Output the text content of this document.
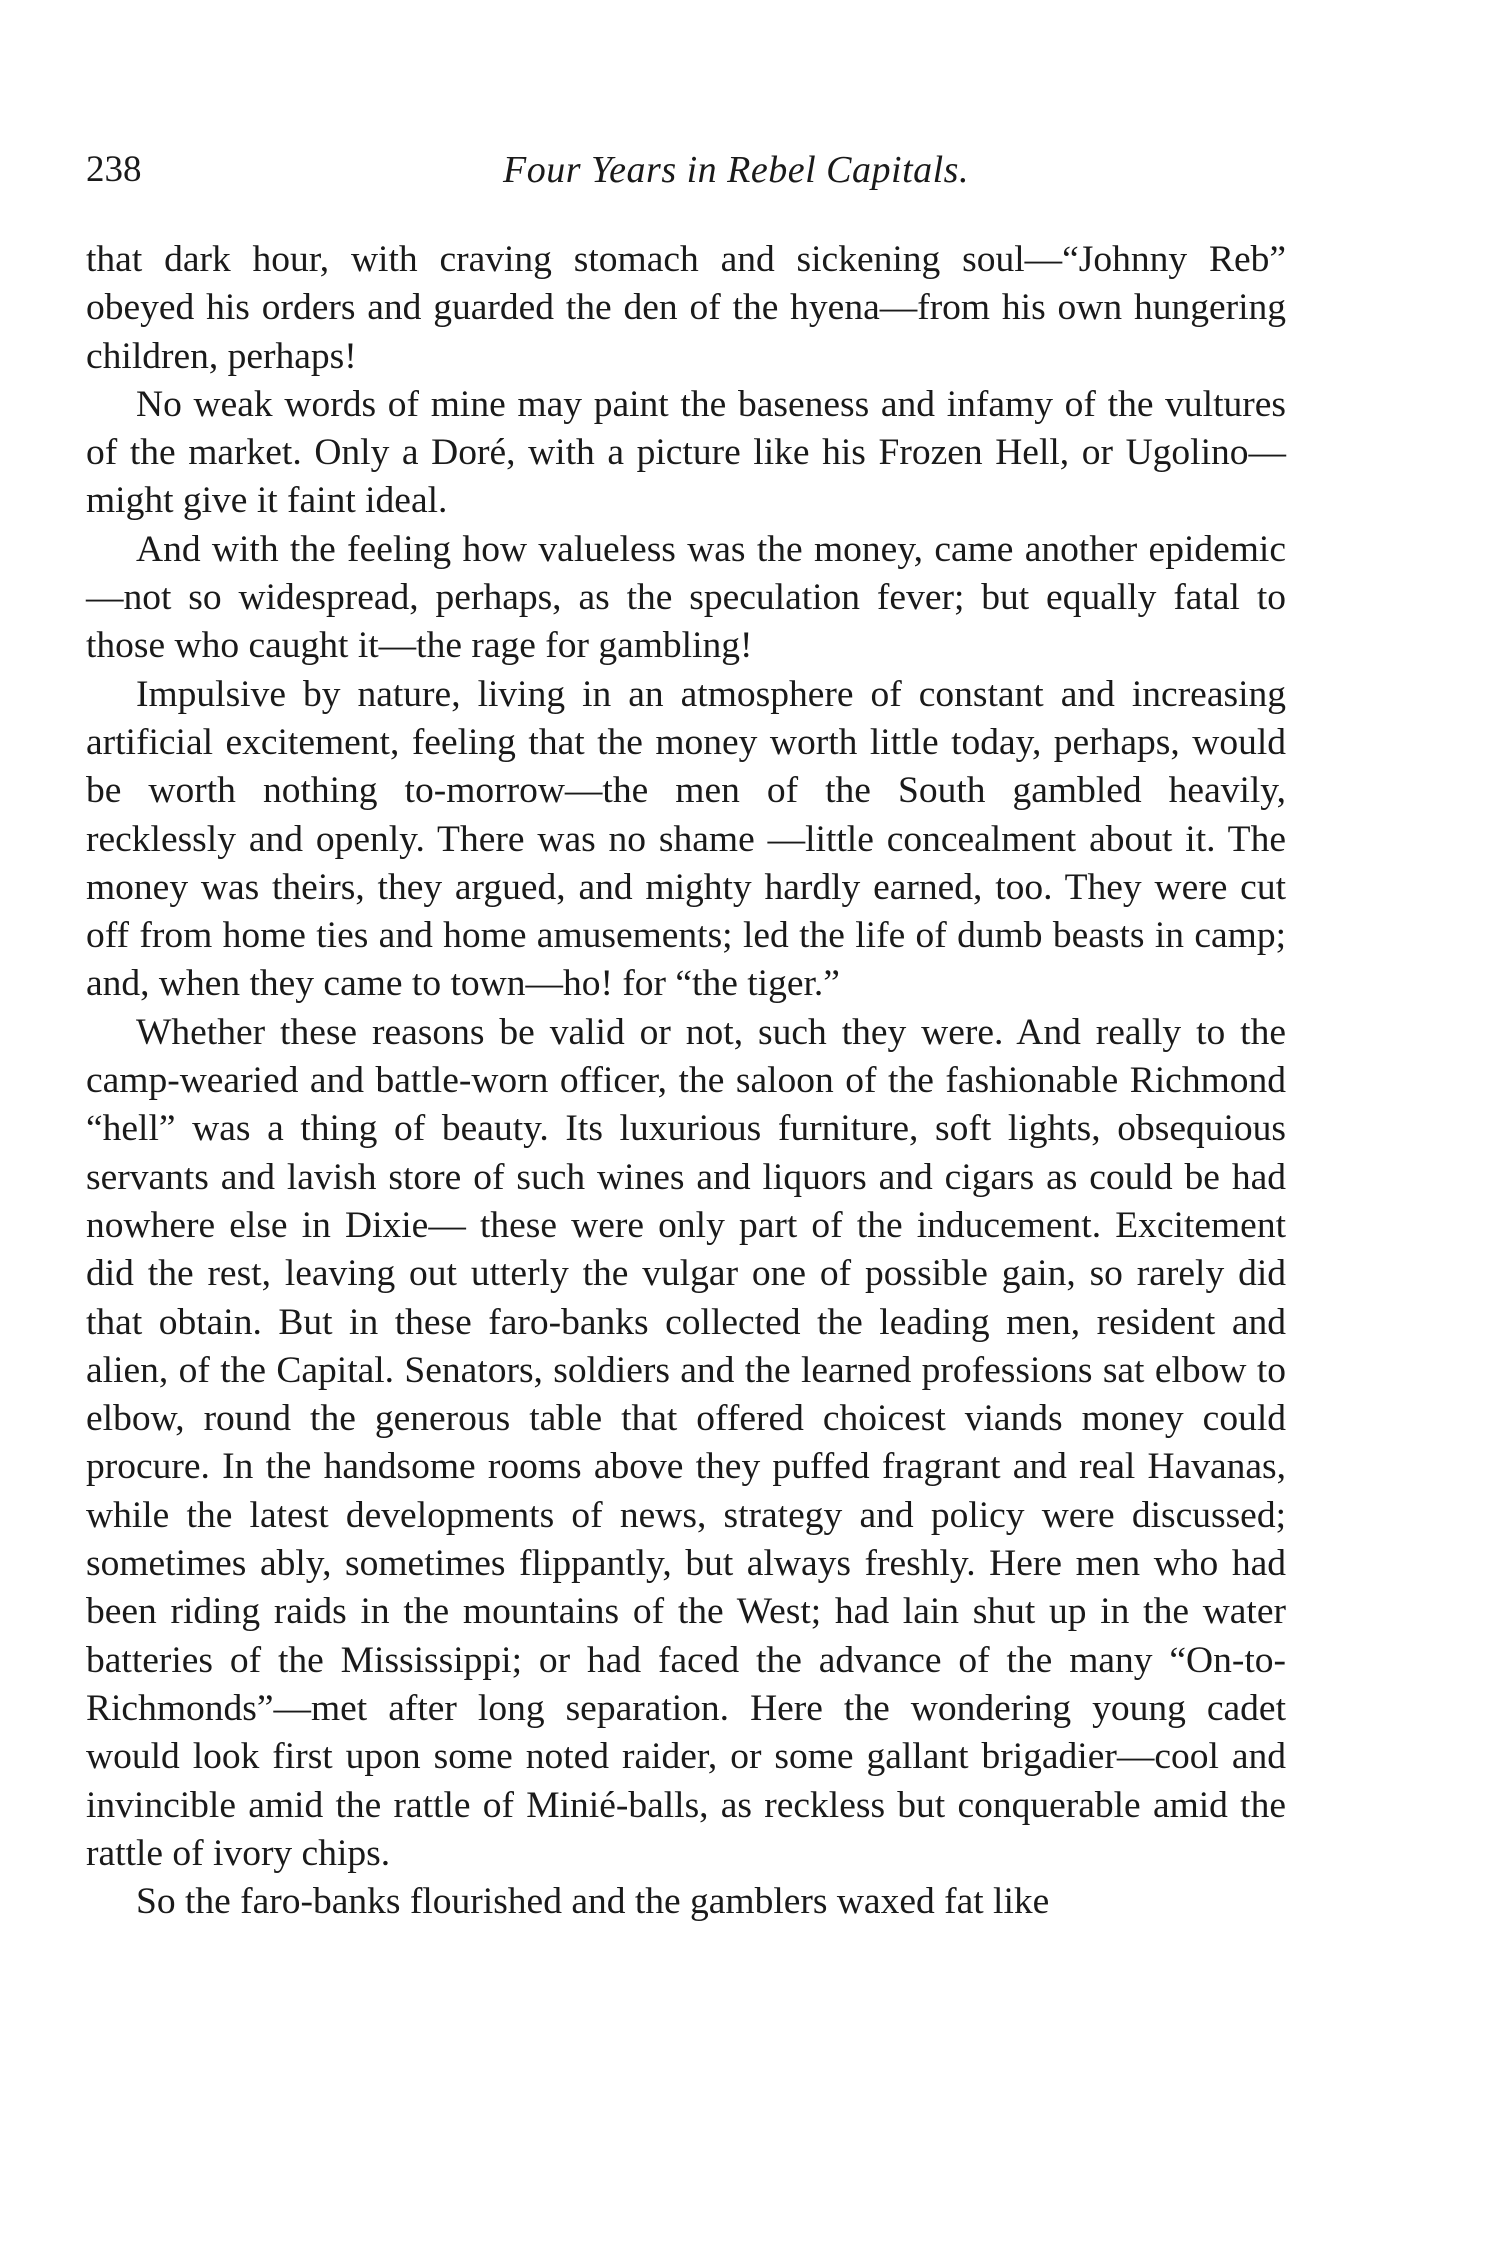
238	Four Years in Rebel Capitals.

that dark hour, with craving stomach and sickening soul—“Johnny Reb” obeyed his orders and guarded the den of the hyena—from his own hungering children, perhaps!

No weak words of mine may paint the baseness and infamy of the vultures of the market. Only a Doré, with a picture like his Frozen Hell, or Ugolino—might give it faint ideal.

And with the feeling how valueless was the money, came another epidemic—not so widespread, perhaps, as the speculation fever; but equally fatal to those who caught it—the rage for gambling!

Impulsive by nature, living in an atmosphere of constant and increasing artificial excitement, feeling that the money worth little today, perhaps, would be worth nothing to-morrow—the men of the South gambled heavily, recklessly and openly. There was no shame —little concealment about it. The money was theirs, they argued, and mighty hardly earned, too. They were cut off from home ties and home amusements; led the life of dumb beasts in camp; and, when they came to town—ho! for “the tiger.”

Whether these reasons be valid or not, such they were. And really to the camp-wearied and battle-worn officer, the saloon of the fashionable Richmond “hell” was a thing of beauty. Its luxurious furniture, soft lights, obsequious servants and lavish store of such wines and liquors and cigars as could be had nowhere else in Dixie— these were only part of the inducement. Excitement did the rest, leaving out utterly the vulgar one of possible gain, so rarely did that obtain. But in these faro-banks collected the leading men, resident and alien, of the Capital. Senators, soldiers and the learned professions sat elbow to elbow, round the generous table that offered choicest viands money could procure. In the handsome rooms above they puffed fragrant and real Havanas, while the latest developments of news, strategy and policy were discussed; sometimes ably, sometimes flippantly, but always freshly. Here men who had been riding raids in the mountains of the West; had lain shut up in the water batteries of the Mississippi; or had faced the advance of the many “On-to-Richmonds”—met after long separation. Here the wondering young cadet would look first upon some noted raider, or some gallant brigadier—cool and invincible amid the rattle of Minié-balls, as reckless but conquerable amid the rattle of ivory chips.

So the faro-banks flourished and the gamblers waxed fat like
